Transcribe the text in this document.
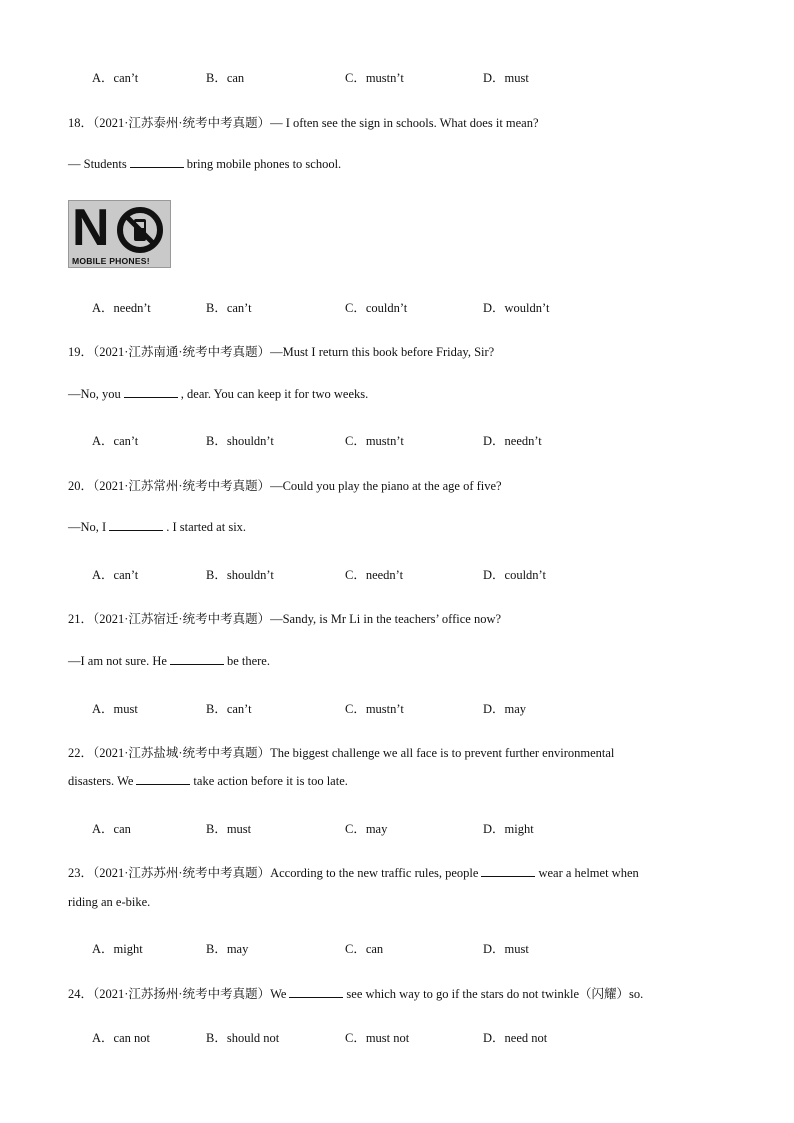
A．can’t	B．can	C．mustn’t	D．must
18．（2021·江苏泰州·统考中考真题）— I often see the sign in schools. What does it mean?
— Students	bring mobile phones to school.
N
MOBILE PHONES!
A．needn’t	B．can’t	C．couldn’t	D．wouldn’t
19．（2021·江苏南通·统考中考真题）—Must I return this book before Friday, Sir?
—No, you	, dear. You can keep it for two weeks.
A．can’t	B．shouldn’t	C．mustn’t	D．needn’t
20．（2021·江苏常州·统考中考真题）—Could you play the piano at the age of five?
—No, I	. I started at six.
A．can’t	B．shouldn’t	C．needn’t	D．couldn’t
21．（2021·江苏宿迁·统考中考真题）—Sandy, is Mr Li in the teachers’ office now?
—I am not sure. He	be there.
A．must	B．can’t	C．mustn’t	D．may
22．（2021·江苏盐城·统考中考真题）The biggest challenge we all face is to prevent further environmental
disasters. We	take action before it is too late.
A．can	B．must	C．may	D．might
23．（2021·江苏苏州·统考中考真题）According to the new traffic rules, people	wear a helmet when
riding an e-bike.
A．might	B．may	C．can	D．must
24．（2021·江苏扬州·统考中考真题）We	see which way to go if the stars do not twinkle（闪耀）so.
A．can not	B．should not	C．must not	D．need not
